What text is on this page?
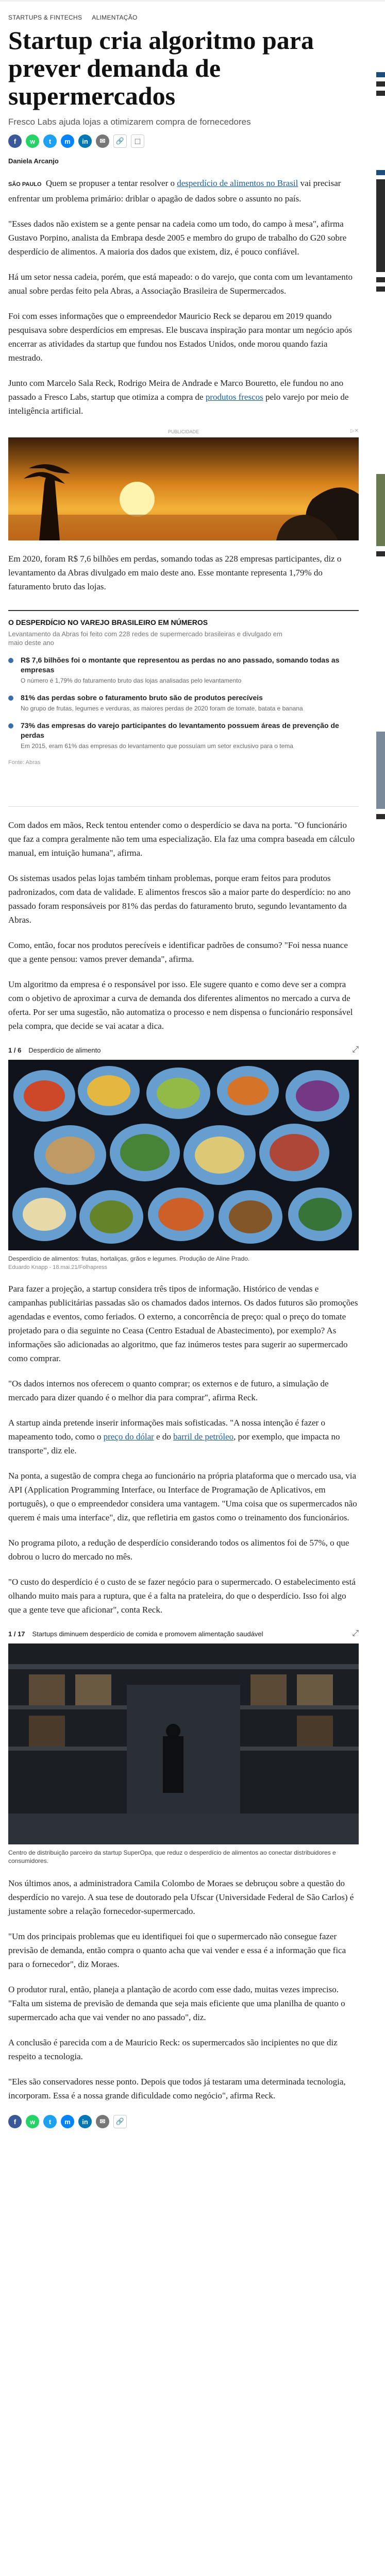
STARTUPS & FINTECHS ALIMENTAÇÃO
Startup cria algoritmo para prever demanda de supermercados
Fresco Labs ajuda lojas a otimizarem compra de fornecedores
f	w	t	m	in	✉	🔗	⬚
Daniela Arcanjo

SÃO PAULO Quem se propuser a tentar resolver o desperdício de alimentos no Brasil vai precisar enfrentar um problema primário: driblar o apagão de dados sobre o assunto no país.

"Esses dados não existem se a gente pensar na cadeia como um todo, do campo à mesa", afirma Gustavo Porpino, analista da Embrapa desde 2005 e membro do grupo de trabalho do G20 sobre desperdício de alimentos. A maioria dos dados que existem, diz, é pouco confiável.

Há um setor nessa cadeia, porém, que está mapeado: o do varejo, que conta com um levantamento anual sobre perdas feito pela Abras, a Associação Brasileira de Supermercados.

Foi com esses informações que o empreendedor Mauricio Reck se deparou em 2019 quando pesquisava sobre desperdícios em empresas. Ele buscava inspiração para montar um negócio após encerrar as atividades da startup que fundou nos Estados Unidos, onde morou quando fazia mestrado.

Junto com Marcelo Sala Reck, Rodrigo Meira de Andrade e Marco Bouretto, ele fundou no ano passado a Fresco Labs, startup que otimiza a compra de produtos frescos pelo varejo por meio de inteligência artificial.

PUBLICIDADE	▷✕

Em 2020, foram R$ 7,6 bilhões em perdas, somando todas as 228 empresas participantes, diz o levantamento da Abras divulgado em maio deste ano. Esse montante representa 1,79% do faturamento bruto das lojas.

O DESPERDÍCIO NO VAREJO BRASILEIRO EM NÚMEROS
Levantamento da Abras foi feito com 228 redes de supermercado brasileiras e divulgado em maio deste ano
R$ 7,6 bilhões foi o montante que representou as perdas no ano passado, somando todas as empresas
O número é 1,79% do faturamento bruto das lojas analisadas pelo levantamento
81% das perdas sobre o faturamento bruto são de produtos perecíveis
No grupo de frutas, legumes e verduras, as maiores perdas de 2020 foram de tomate, batata e banana
73% das empresas do varejo participantes do levantamento possuem áreas de prevenção de perdas
Em 2015, eram 61% das empresas do levantamento que possuíam um setor exclusivo para o tema
Fonte: Abras

Com dados em mãos, Reck tentou entender como o desperdício se dava na porta. "O funcionário que faz a compra geralmente não tem uma especialização. Ela faz uma compra baseada em cálculo manual, em intuição humana", afirma.

Os sistemas usados pelas lojas também tinham problemas, porque eram feitos para produtos padronizados, com data de validade. E alimentos frescos são a maior parte do desperdício: no ano passado foram responsáveis por 81% das perdas do faturamento bruto, segundo levantamento da Abras.

Como, então, focar nos produtos perecíveis e identificar padrões de consumo? "Foi nessa nuance que a gente pensou: vamos prever demanda", afirma.

Um algoritmo da empresa é o responsável por isso. Ele sugere quanto e como deve ser a compra com o objetivo de aproximar a curva de demanda dos diferentes alimentos no mercado a curva de oferta. Por ser uma sugestão, não automatiza o processo e nem dispensa o funcionário responsável pela compra, que decide se vai acatar a dica.

1 / 6 Desperdício de alimento	⤢
Desperdício de alimentos: frutas, hortaliças, grãos e legumes. Produção de Aline Prado.
Eduardo Knapp - 18.mai.21/Folhapress

Para fazer a projeção, a startup considera três tipos de informação. Histórico de vendas e campanhas publicitárias passadas são os chamados dados internos. Os dados futuros são promoções agendadas e eventos, como feriados. O externo, a concorrência de preço: qual o preço do tomate projetado para o dia seguinte no Ceasa (Centro Estadual de Abastecimento), por exemplo? As informações são adicionadas ao algoritmo, que faz inúmeros testes para sugerir ao supermercado como comprar.

"Os dados internos nos oferecem o quanto comprar; os externos e de futuro, a simulação de mercado para dizer quando é o melhor dia para comprar", afirma Reck.

A startup ainda pretende inserir informações mais sofisticadas. "A nossa intenção é fazer o mapeamento todo, como o preço do dólar e do barril de petróleo, por exemplo, que impacta no transporte", diz ele.

Na ponta, a sugestão de compra chega ao funcionário na própria plataforma que o mercado usa, via API (Application Programming Interface, ou Interface de Programação de Aplicativos, em português), o que o empreendedor considera uma vantagem. "Uma coisa que os supermercados não querem é mais uma interface", diz, que refletiria em gastos como o treinamento dos funcionários.

No programa piloto, a redução de desperdício considerando todos os alimentos foi de 57%, o que dobrou o lucro do mercado no mês.

"O custo do desperdício é o custo de se fazer negócio para o supermercado. O estabelecimento está olhando muito mais para a ruptura, que é a falta na prateleira, do que o desperdício. Isso foi algo que a gente teve que aficionar", conta Reck.

1 / 17 Startups diminuem desperdício de comida e promovem alimentação saudável	⤢
Centro de distribuição parceiro da startup SuperOpa, que reduz o desperdício de alimentos ao conectar distribuidores e consumidores.

Nos últimos anos, a administradora Camila Colombo de Moraes se debruçou sobre a questão do desperdício no varejo. A sua tese de doutorado pela Ufscar (Universidade Federal de São Carlos) é justamente sobre a relação fornecedor-supermercado.

"Um dos principais problemas que eu identifiquei foi que o supermercado não consegue fazer previsão de demanda, então compra o quanto acha que vai vender e essa é a informação que fica para o fornecedor", diz Moraes.

O produtor rural, então, planeja a plantação de acordo com esse dado, muitas vezes impreciso. "Falta um sistema de previsão de demanda que seja mais eficiente que uma planilha de quanto o supermercado acha que vai vender no ano passado", diz.

A conclusão é parecida com a de Mauricio Reck: os supermercados são incipientes no que diz respeito a tecnologia.

"Eles são conservadores nesse ponto. Depois que todos já testaram uma determinada tecnologia, incorporam. Essa é a nossa grande dificuldade como negócio", afirma Reck.

f	w	t	m	in	✉	🔗
